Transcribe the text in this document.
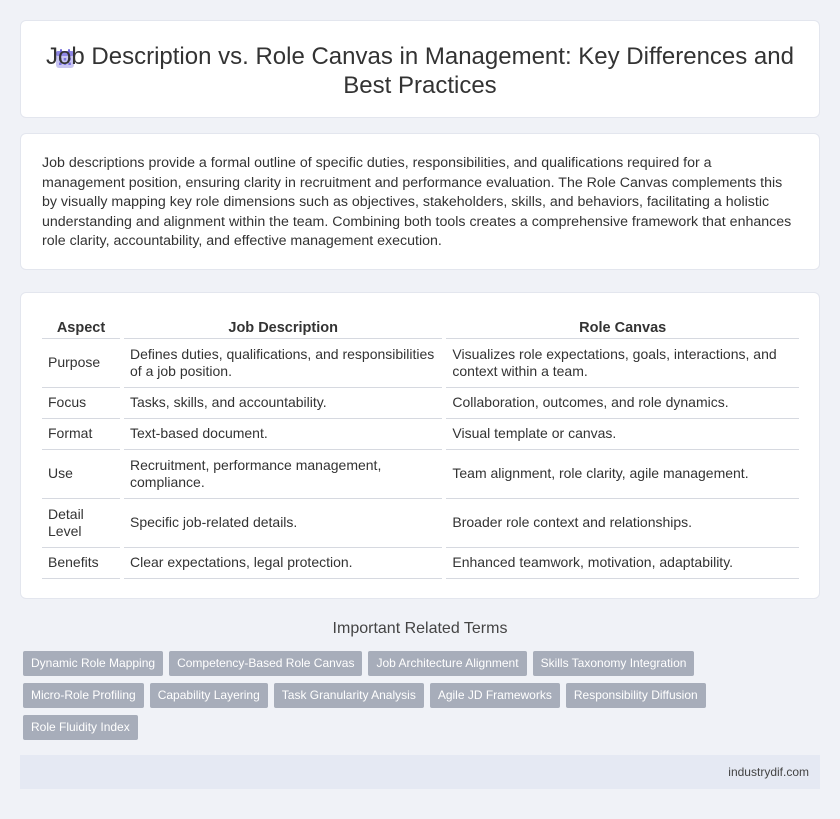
Job Description vs. Role Canvas in Management: Key Differences and Best Practices

Job descriptions provide a formal outline of specific duties, responsibilities, and qualifications required for a management position, ensuring clarity in recruitment and performance evaluation. The Role Canvas complements this by visually mapping key role dimensions such as objectives, stakeholders, skills, and behaviors, facilitating a holistic understanding and alignment within the team. Combining both tools creates a comprehensive framework that enhances role clarity, accountability, and effective management execution.

Aspect	Job Description	Role Canvas
Purpose	Defines duties, qualifications, and responsibilities of a job position.	Visualizes role expectations, goals, interactions, and context within a team.
Focus	Tasks, skills, and accountability.	Collaboration, outcomes, and role dynamics.
Format	Text-based document.	Visual template or canvas.
Use	Recruitment, performance management, compliance.	Team alignment, role clarity, agile management.
Detail Level	Specific job-related details.	Broader role context and relationships.
Benefits	Clear expectations, legal protection.	Enhanced teamwork, motivation, adaptability.
Important Related Terms
Dynamic Role Mapping	Competency-Based Role Canvas	Job Architecture Alignment	Skills Taxonomy Integration
Micro-Role Profiling	Capability Layering	Task Granularity Analysis	Agile JD Frameworks	Responsibility Diffusion
Role Fluidity Index
industrydif.com
